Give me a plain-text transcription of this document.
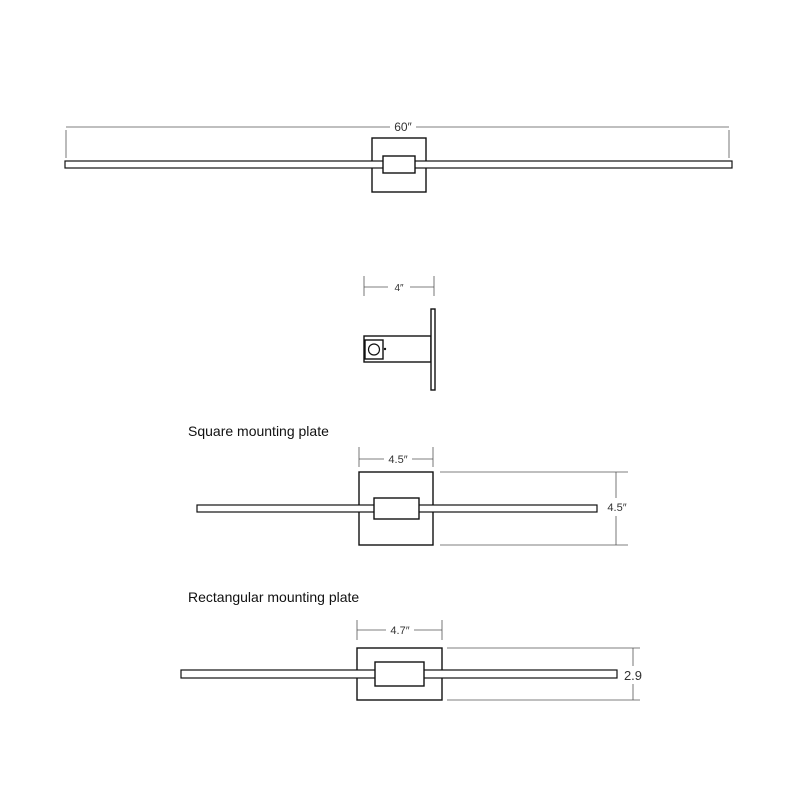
60″
4″
4.5″
4.5″
4.7″
2.9
Square mounting plate
Rectangular mounting plate
